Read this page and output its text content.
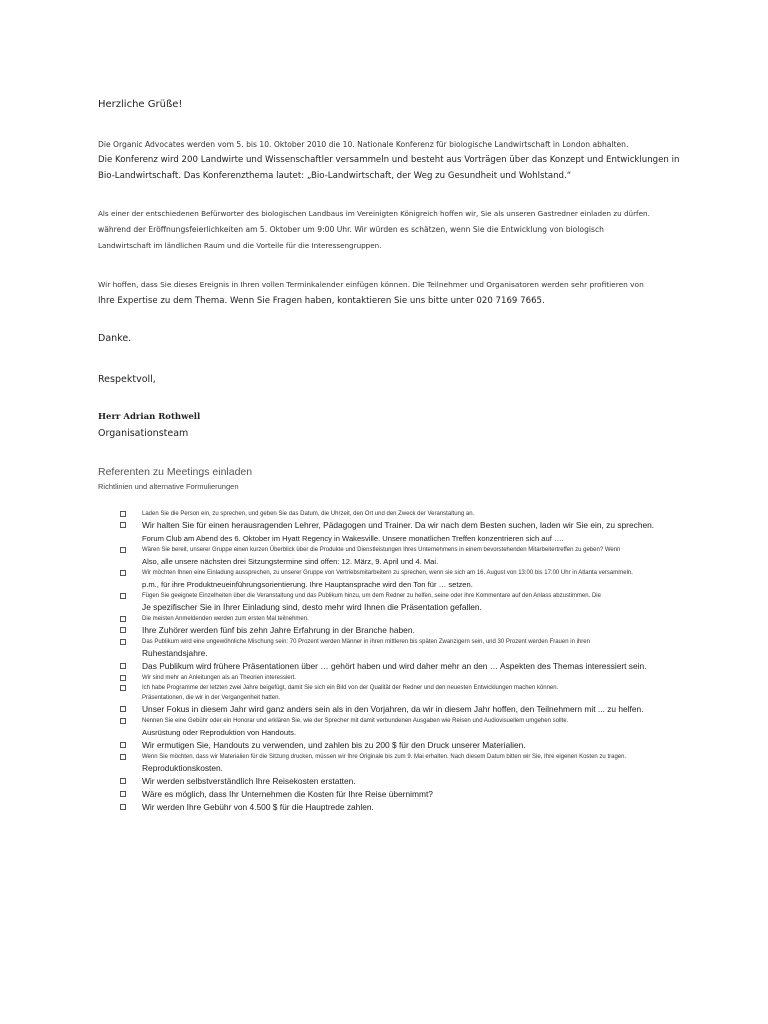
Herzliche Grüße!
Die Organic Advocates werden vom 5. bis 10. Oktober 2010 die 10. Nationale Konferenz für biologische Landwirtschaft in London abhalten.
Die Konferenz wird 200 Landwirte und Wissenschaftler versammeln und besteht aus Vorträgen über das Konzept und Entwicklungen in
Bio-Landwirtschaft. Das Konferenzthema lautet: „Bio-Landwirtschaft, der Weg zu Gesundheit und Wohlstand.“
Als einer der entschiedenen Befürworter des biologischen Landbaus im Vereinigten Königreich hoffen wir, Sie als unseren Gastredner einladen zu dürfen.
während der Eröffnungsfeierlichkeiten am 5. Oktober um 9:00 Uhr. Wir würden es schätzen, wenn Sie die Entwicklung von biologisch
Landwirtschaft im ländlichen Raum und die Vorteile für die Interessengruppen.
Wir hoffen, dass Sie dieses Ereignis in Ihren vollen Terminkalender einfügen können. Die Teilnehmer und Organisatoren werden sehr profitieren von
Ihre Expertise zu dem Thema. Wenn Sie Fragen haben, kontaktieren Sie uns bitte unter 020 7169 7665.
Danke.
Respektvoll,
Herr Adrian Rothwell
Organisationsteam
Referenten zu Meetings einladen
Richtlinien und alternative Formulierungen
Laden Sie die Person ein, zu sprechen, und geben Sie das Datum, die Uhrzeit, den Ort und den Zweck der Veranstaltung an.
Wir halten Sie für einen herausragenden Lehrer, Pädagogen und Trainer. Da wir nach dem Besten suchen, laden wir Sie ein, zu sprechen.
Forum Club am Abend des 6. Oktober im Hyatt Regency in Wakesville. Unsere monatlichen Treffen konzentrieren sich auf ….
Wären Sie bereit, unserer Gruppe einen kurzen Überblick über die Produkte und Dienstleistungen Ihres Unternehmens in einem bevorstehenden Mitarbeitertreffen zu geben? Wenn
Also, alle unsere nächsten drei Sitzungstermine sind offen: 12. März, 9. April und 4. Mai.
Wir möchten Ihnen eine Einladung aussprechen, zu unserer Gruppe von Vertriebsmitarbeitern zu sprechen, wenn sie sich am 16. August von 13:00 bis 17:00 Uhr in Atlanta versammeln.
p.m., für ihre Produktneueinführungsorientierung. Ihre Hauptansprache wird den Ton für … setzen.
Fügen Sie geeignete Einzelheiten über die Veranstaltung und das Publikum hinzu, um dem Redner zu helfen, seine oder ihre Kommentare auf den Anlass abzustimmen. Die
Je spezifischer Sie in Ihrer Einladung sind, desto mehr wird Ihnen die Präsentation gefallen.
Die meisten Anmeldenden werden zum ersten Mal teilnehmen.
Ihre Zuhörer werden fünf bis zehn Jahre Erfahrung in der Branche haben.
Das Publikum wird eine ungewöhnliche Mischung sein: 70 Prozent werden Männer in ihren mittleren bis späten Zwanzigern sein, und 30 Prozent werden Frauen in ihren
Ruhestandsjahre.
Das Publikum wird frühere Präsentationen über … gehört haben und wird daher mehr an den … Aspekten des Themas interessiert sein.
Wir sind mehr an Anleitungen als an Theorien interessiert.
Ich habe Programme der letzten zwei Jahre beigefügt, damit Sie sich ein Bild von der Qualität der Redner und den neuesten Entwicklungen machen können.
Präsentationen, die wir in der Vergangenheit hatten.
Unser Fokus in diesem Jahr wird ganz anders sein als in den Vorjahren, da wir in diesem Jahr hoffen, den Teilnehmern mit ... zu helfen.
Nennen Sie eine Gebühr oder ein Honorar und erklären Sie, wie der Sprecher mit damit verbundenen Ausgaben wie Reisen und Audiovisuellem umgehen sollte.
Ausrüstung oder Reproduktion von Handouts.
Wir ermutigen Sie, Handouts zu verwenden, und zahlen bis zu 200 $ für den Druck unserer Materialien.
Wenn Sie möchten, dass wir Materialien für die Sitzung drucken, müssen wir Ihre Originale bis zum 9. Mai erhalten. Nach diesem Datum bitten wir Sie, Ihre eigenen Kosten zu tragen.
Reproduktionskosten.
Wir werden selbstverständlich Ihre Reisekosten erstatten.
Wäre es möglich, dass Ihr Unternehmen die Kosten für Ihre Reise übernimmt?
Wir werden Ihre Gebühr von 4.500 $ für die Hauptrede zahlen.
